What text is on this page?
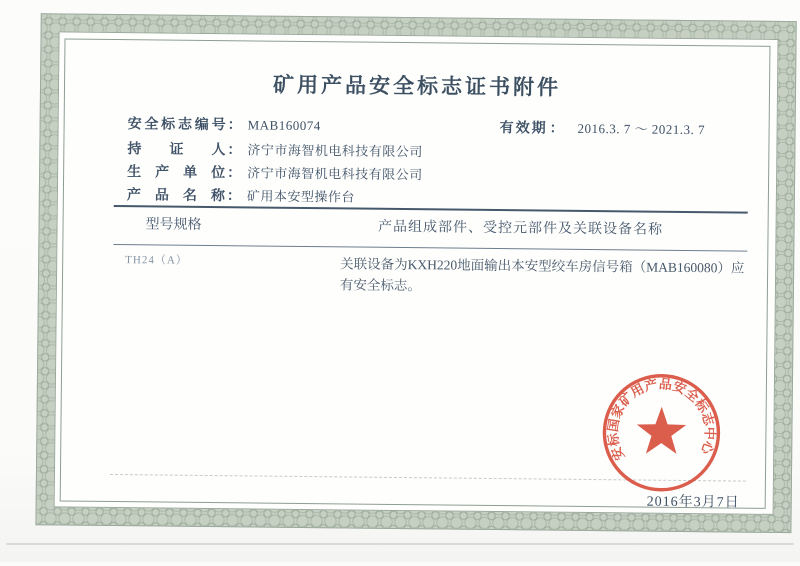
矿用产品安全标志证书附件
安全标志编号 ： MAB160074	有效期 ： 2016.3. 7 ～ 2021.3. 7
持证人 ： 济宁市海智机电科技有限公司
生产单位 ： 济宁市海智机电科技有限公司
产品名称 ： 矿用本安型操作台
型号规格	产品组成部件、受控元部件及关联设备名称
TH24（A）	关联设备为KXH220地面输出本安型绞车房信号箱（MAB160080）应有安全标志。
安标国家矿用产品安全标志中心
2016年3月7日
